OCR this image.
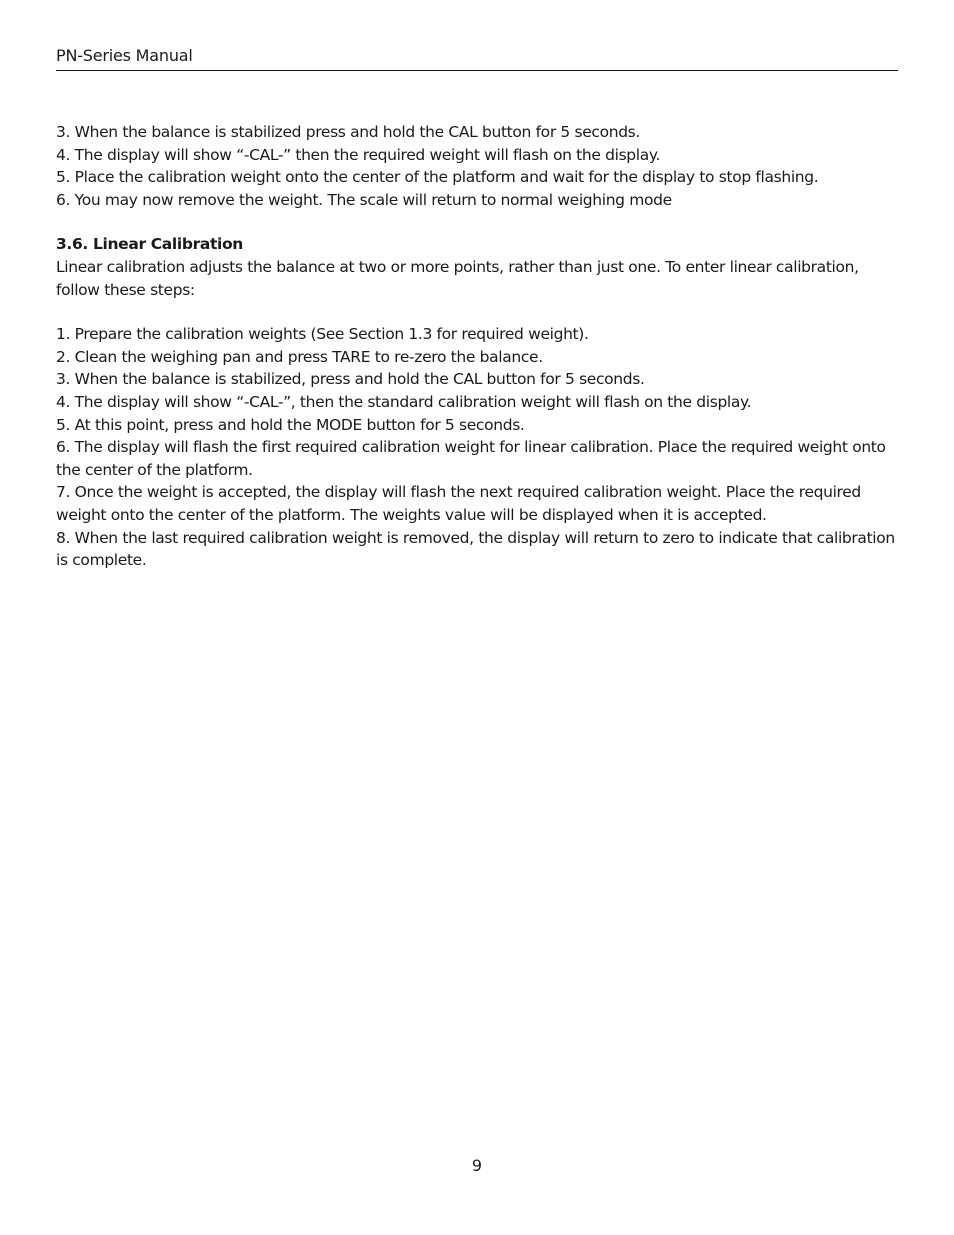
PN-Series Manual

3. When the balance is stabilized press and hold the CAL button for 5 seconds.

4. The display will show “-CAL-” then the required weight will flash on the display.

5. Place the calibration weight onto the center of the platform and wait for the display to stop flashing.

6. You may now remove the weight. The scale will return to normal weighing mode

3.6. Linear Calibration

Linear calibration adjusts the balance at two or more points, rather than just one. To enter linear calibration, follow these steps:

1. Prepare the calibration weights (See Section 1.3 for required weight).

2. Clean the weighing pan and press TARE to re-zero the balance.

3. When the balance is stabilized, press and hold the CAL button for 5 seconds.

4. The display will show “-CAL-”, then the standard calibration weight will flash on the display.

5. At this point, press and hold the MODE button for 5 seconds.

6. The display will flash the first required calibration weight for linear calibration. Place the required weight onto the center of the platform.

7. Once the weight is accepted, the display will flash the next required calibration weight. Place the required weight onto the center of the platform. The weights value will be displayed when it is accepted.

8. When the last required calibration weight is removed, the display will return to zero to indicate that calibration is complete.

9
